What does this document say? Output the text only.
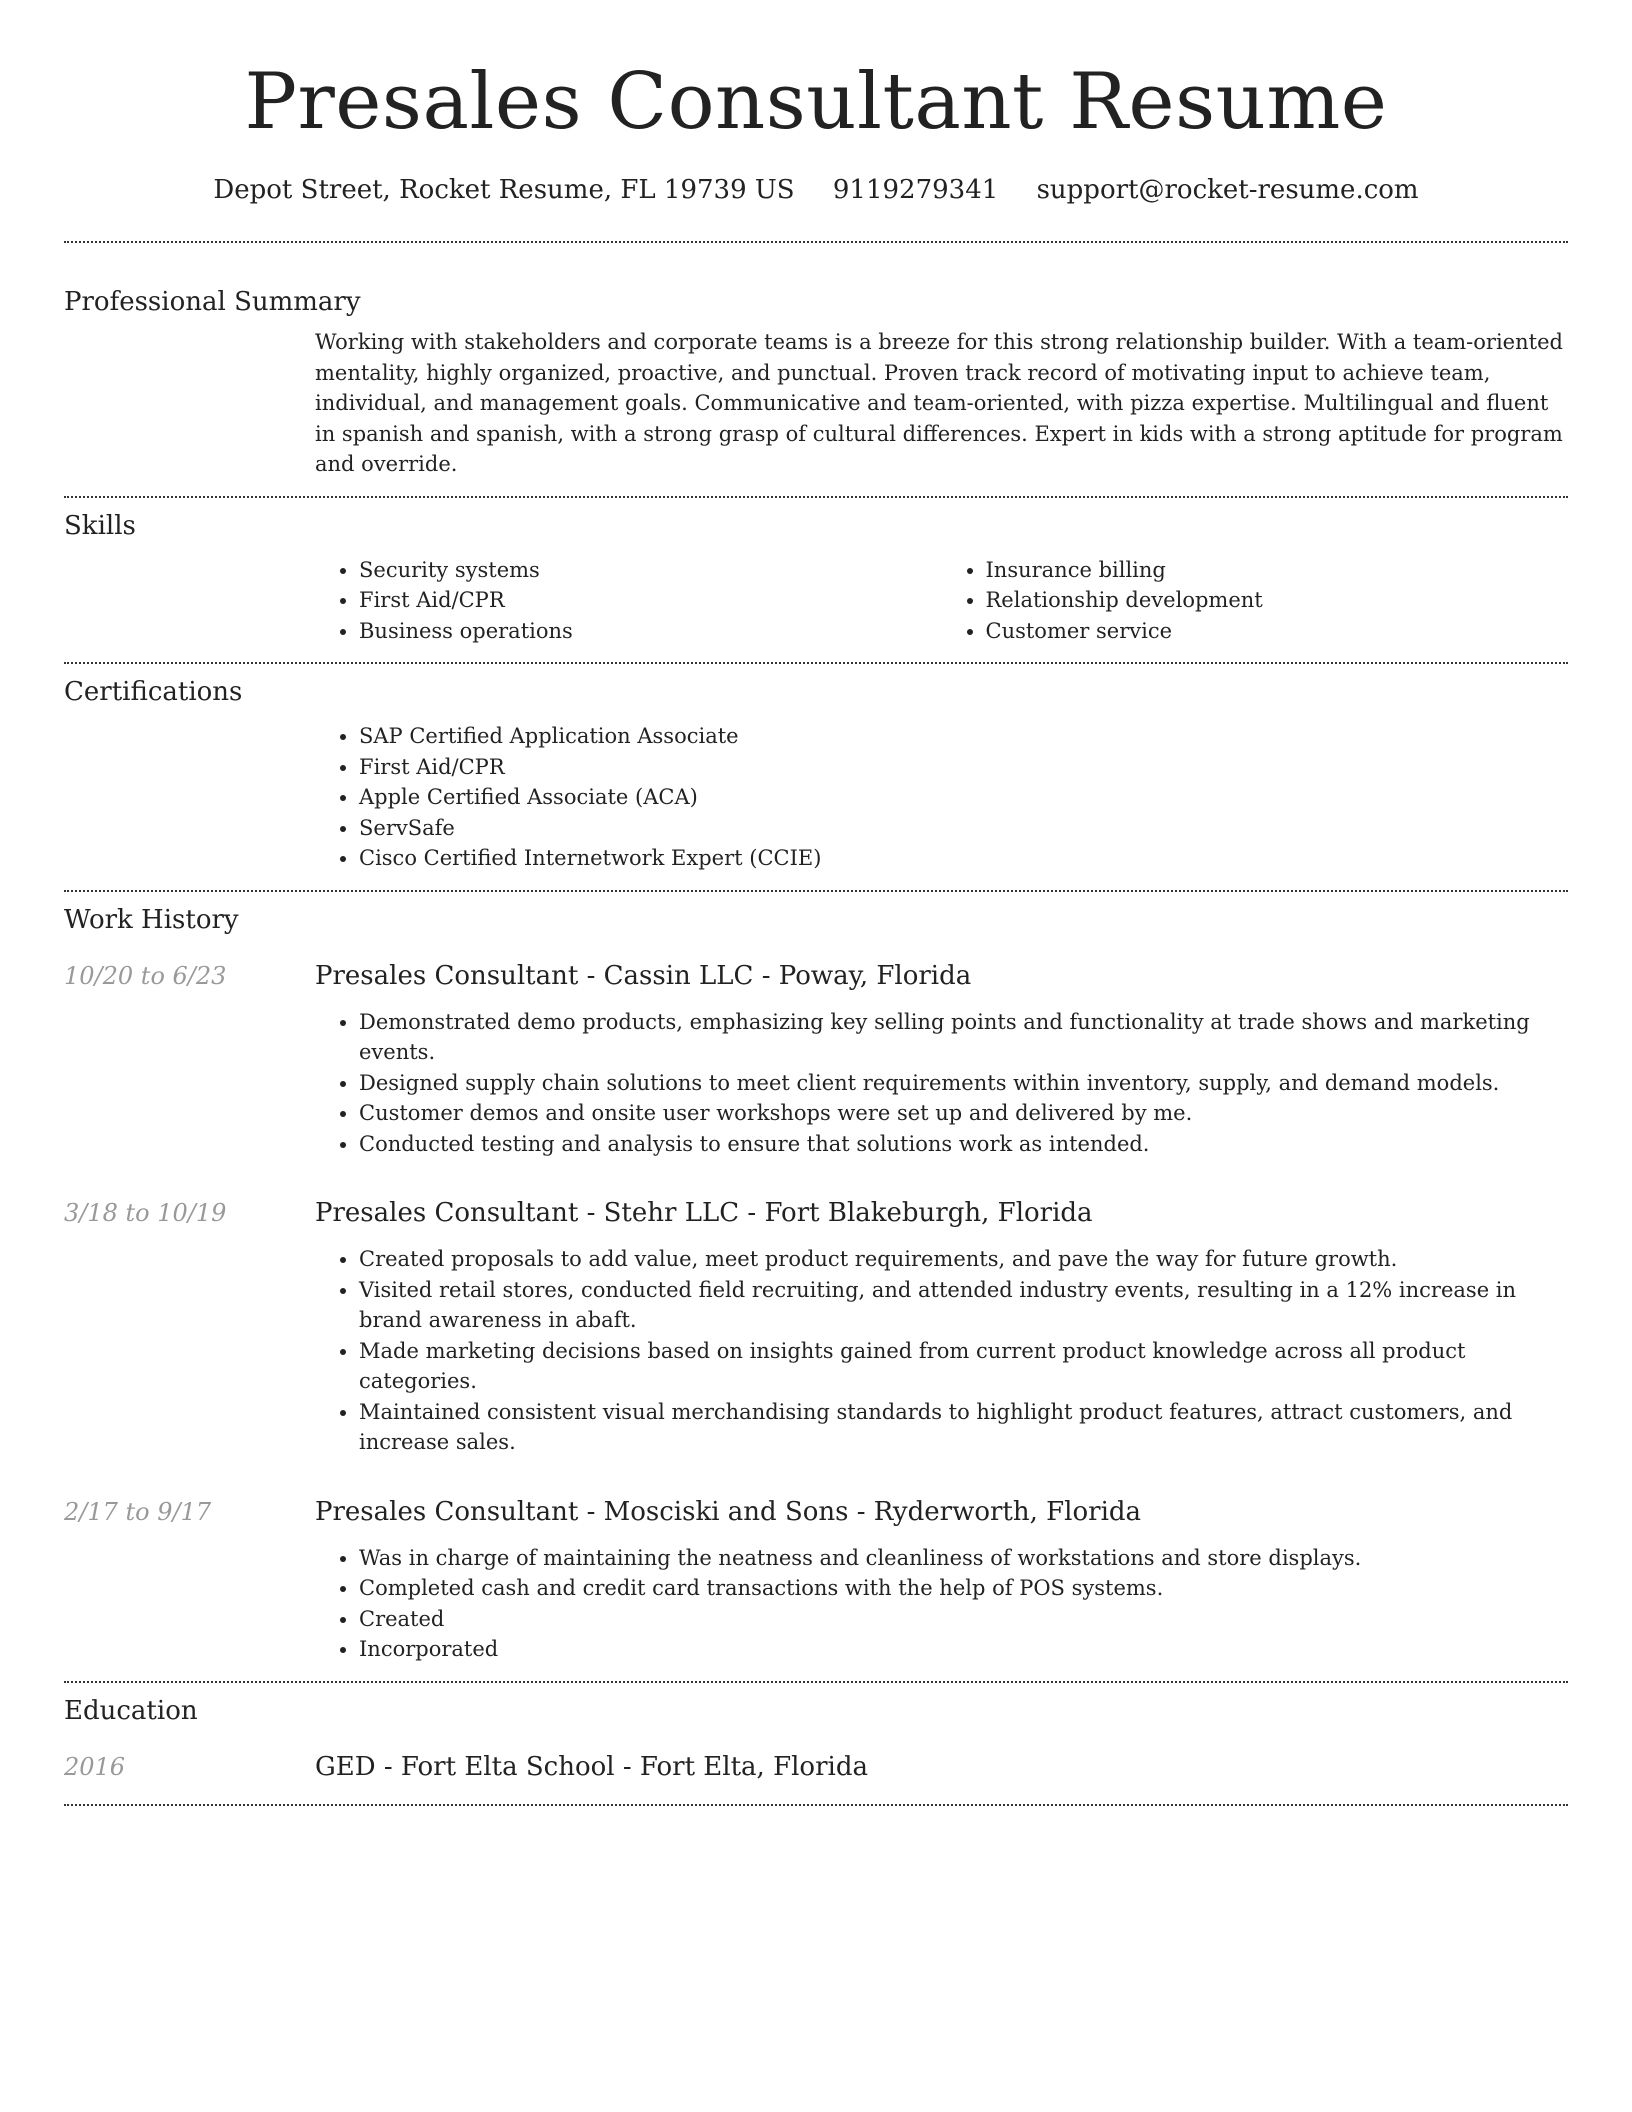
Presales Consultant Resume
Depot Street, Rocket Resume, FL 19739 US 9119279341 support@rocket-resume.com
Professional Summary
Working with stakeholders and corporate teams is a breeze for this strong relationship builder. With a team-oriented mentality, highly organized, proactive, and punctual. Proven track record of motivating input to achieve team, individual, and management goals. Communicative and team-oriented, with pizza expertise. Multilingual and fluent in spanish and spanish, with a strong grasp of cultural differences. Expert in kids with a strong aptitude for program and override.
Skills
• Security systems
• First Aid/CPR
• Business operations
• Insurance billing
• Relationship development
• Customer service
Certifications
• SAP Certified Application Associate
• First Aid/CPR
• Apple Certified Associate (ACA)
• ServSafe
• Cisco Certified Internetwork Expert (CCIE)
Work History
10/20 to 6/23	Presales Consultant - Cassin LLC - Poway, Florida
• Demonstrated demo products, emphasizing key selling points and functionality at trade shows and marketing events.
• Designed supply chain solutions to meet client requirements within inventory, supply, and demand models.
• Customer demos and onsite user workshops were set up and delivered by me.
• Conducted testing and analysis to ensure that solutions work as intended.
3/18 to 10/19	Presales Consultant - Stehr LLC - Fort Blakeburgh, Florida
• Created proposals to add value, meet product requirements, and pave the way for future growth.
• Visited retail stores, conducted field recruiting, and attended industry events, resulting in a 12% increase in brand awareness in abaft.
• Made marketing decisions based on insights gained from current product knowledge across all product categories.
• Maintained consistent visual merchandising standards to highlight product features, attract customers, and increase sales.
2/17 to 9/17	Presales Consultant - Mosciski and Sons - Ryderworth, Florida
• Was in charge of maintaining the neatness and cleanliness of workstations and store displays.
• Completed cash and credit card transactions with the help of POS systems.
• Created
• Incorporated
Education
2016	GED - Fort Elta School - Fort Elta, Florida
